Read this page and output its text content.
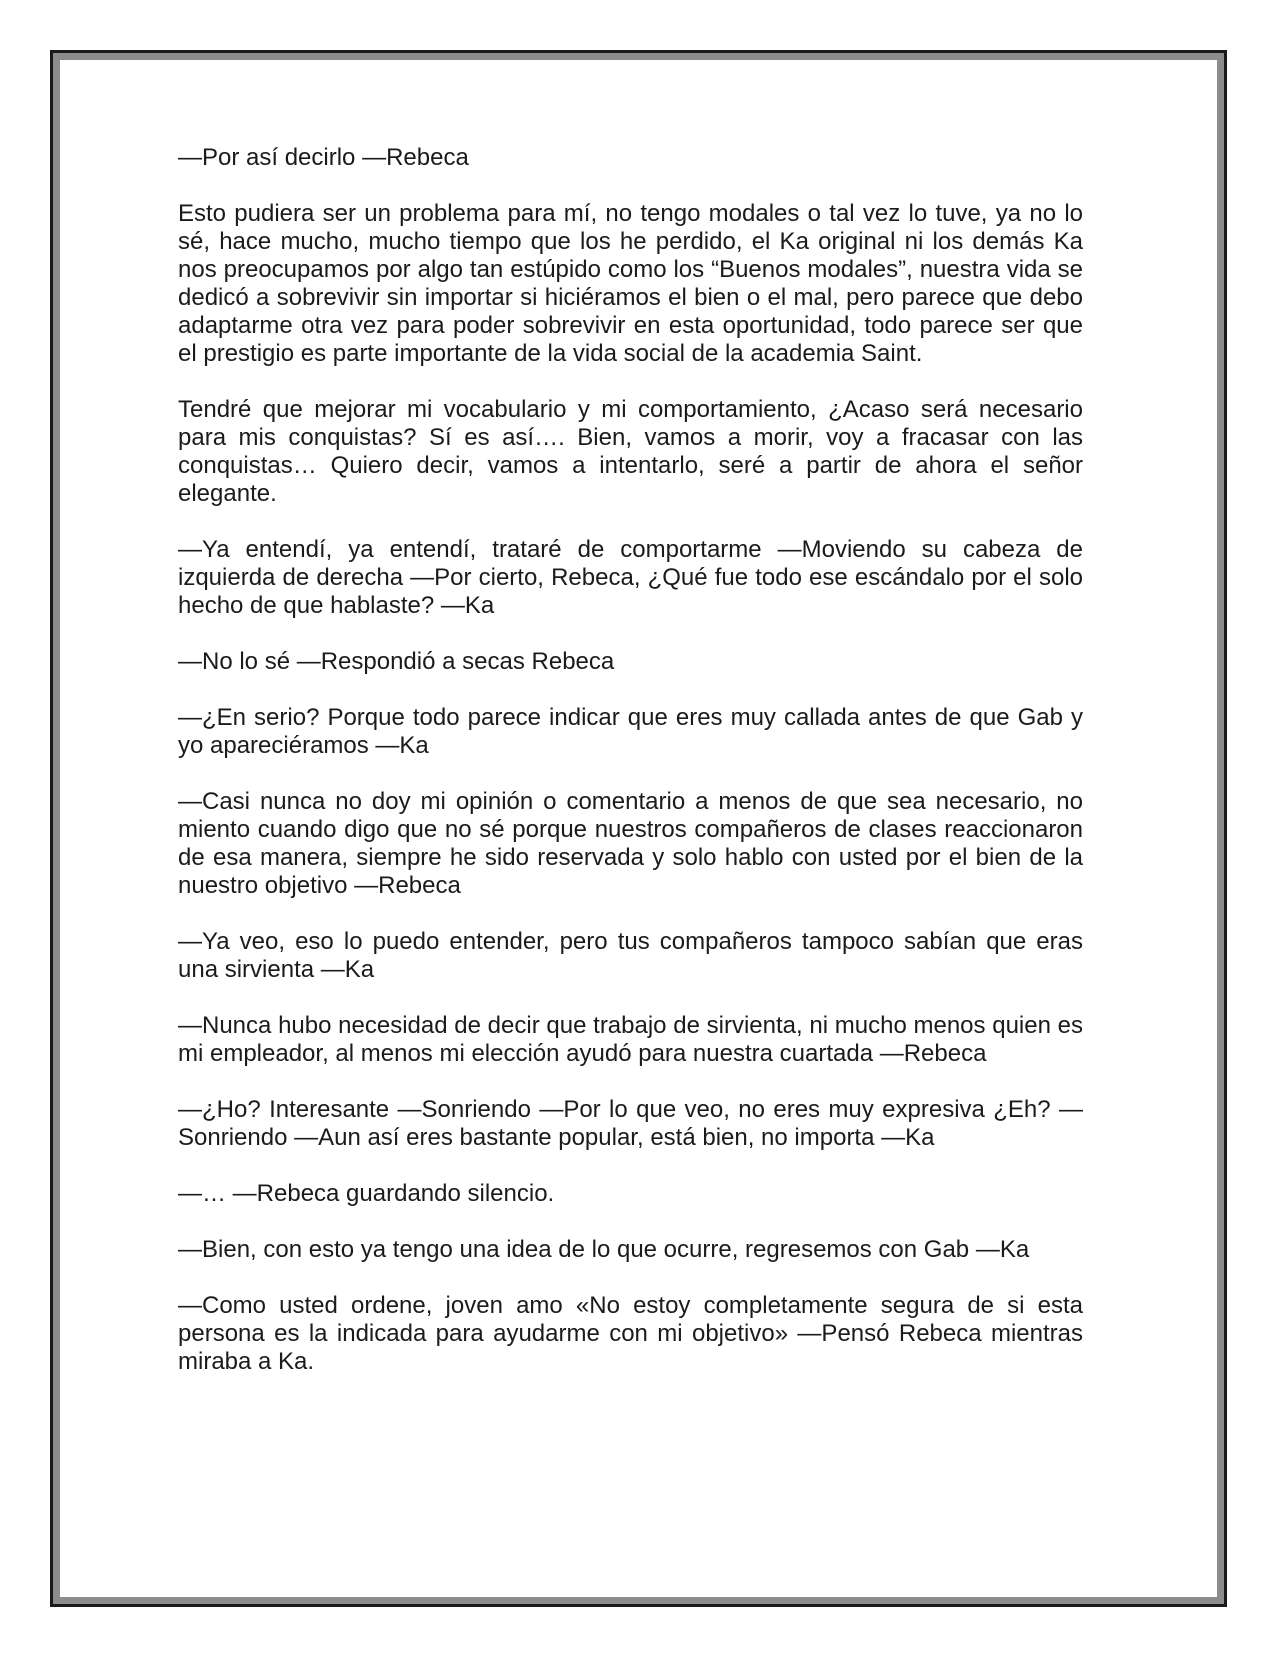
—Por así decirlo —Rebeca

Esto pudiera ser un problema para mí, no tengo modales o tal vez lo tuve, ya no lo sé, hace mucho, mucho tiempo que los he perdido, el Ka original ni los demás Ka nos preocupamos por algo tan estúpido como los “Buenos modales”, nuestra vida se dedicó a sobrevivir sin importar si hiciéramos el bien o el mal, pero parece que debo adaptarme otra vez para poder sobrevivir en esta oportunidad, todo parece ser que el prestigio es parte importante de la vida social de la academia Saint.

Tendré que mejorar mi vocabulario y mi comportamiento, ¿Acaso será necesario para mis conquistas? Sí es así…. Bien, vamos a morir, voy a fracasar con las conquistas… Quiero decir, vamos a intentarlo, seré a partir de ahora el señor elegante.

—Ya entendí, ya entendí, trataré de comportarme —Moviendo su cabeza de izquierda de derecha —Por cierto, Rebeca, ¿Qué fue todo ese escándalo por el solo hecho de que hablaste? —Ka

—No lo sé —Respondió a secas Rebeca

—¿En serio? Porque todo parece indicar que eres muy callada antes de que Gab y yo apareciéramos —Ka

—Casi nunca no doy mi opinión o comentario a menos de que sea necesario, no miento cuando digo que no sé porque nuestros compañeros de clases reaccionaron de esa manera, siempre he sido reservada y solo hablo con usted por el bien de la nuestro objetivo —Rebeca

—Ya veo, eso lo puedo entender, pero tus compañeros tampoco sabían que eras una sirvienta —Ka

—Nunca hubo necesidad de decir que trabajo de sirvienta, ni mucho menos quien es mi empleador, al menos mi elección ayudó para nuestra cuartada —Rebeca

—¿Ho? Interesante —Sonriendo —Por lo que veo, no eres muy expresiva ¿Eh? — Sonriendo —Aun así eres bastante popular, está bien, no importa —Ka

—… —Rebeca guardando silencio.

—Bien, con esto ya tengo una idea de lo que ocurre, regresemos con Gab —Ka

—Como usted ordene, joven amo «No estoy completamente segura de si esta persona es la indicada para ayudarme con mi objetivo» —Pensó Rebeca mientras miraba a Ka.
